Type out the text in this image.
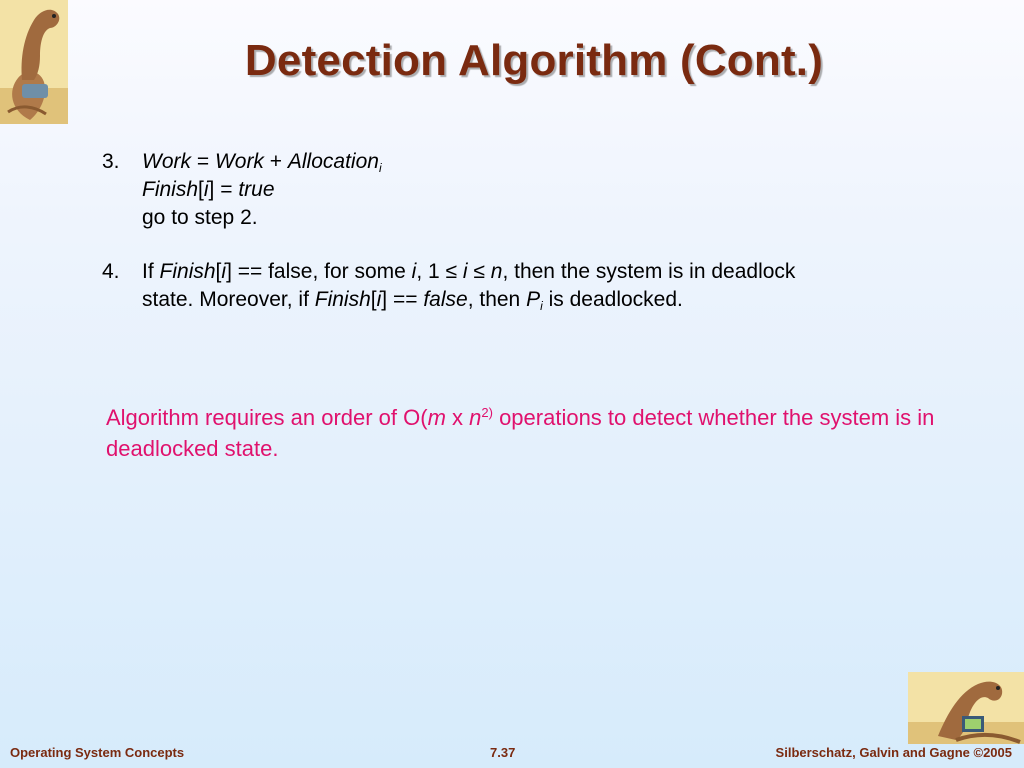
Detection Algorithm (Cont.)
3.	Work = Work + Allocation$_i$
Finish[i] = true
go to step 2.
4.	If Finish[i] == false, for some i, 1 ≤ i ≤ n, then the system is in deadlock state. Moreover, if Finish[i] == false, then $P_i$ is deadlocked.
Algorithm requires an order of O(m x $n^{2)}$ operations to detect whether the system is in deadlocked state.
Operating System Concepts	7.37	Silberschatz, Galvin and Gagne ©2005
